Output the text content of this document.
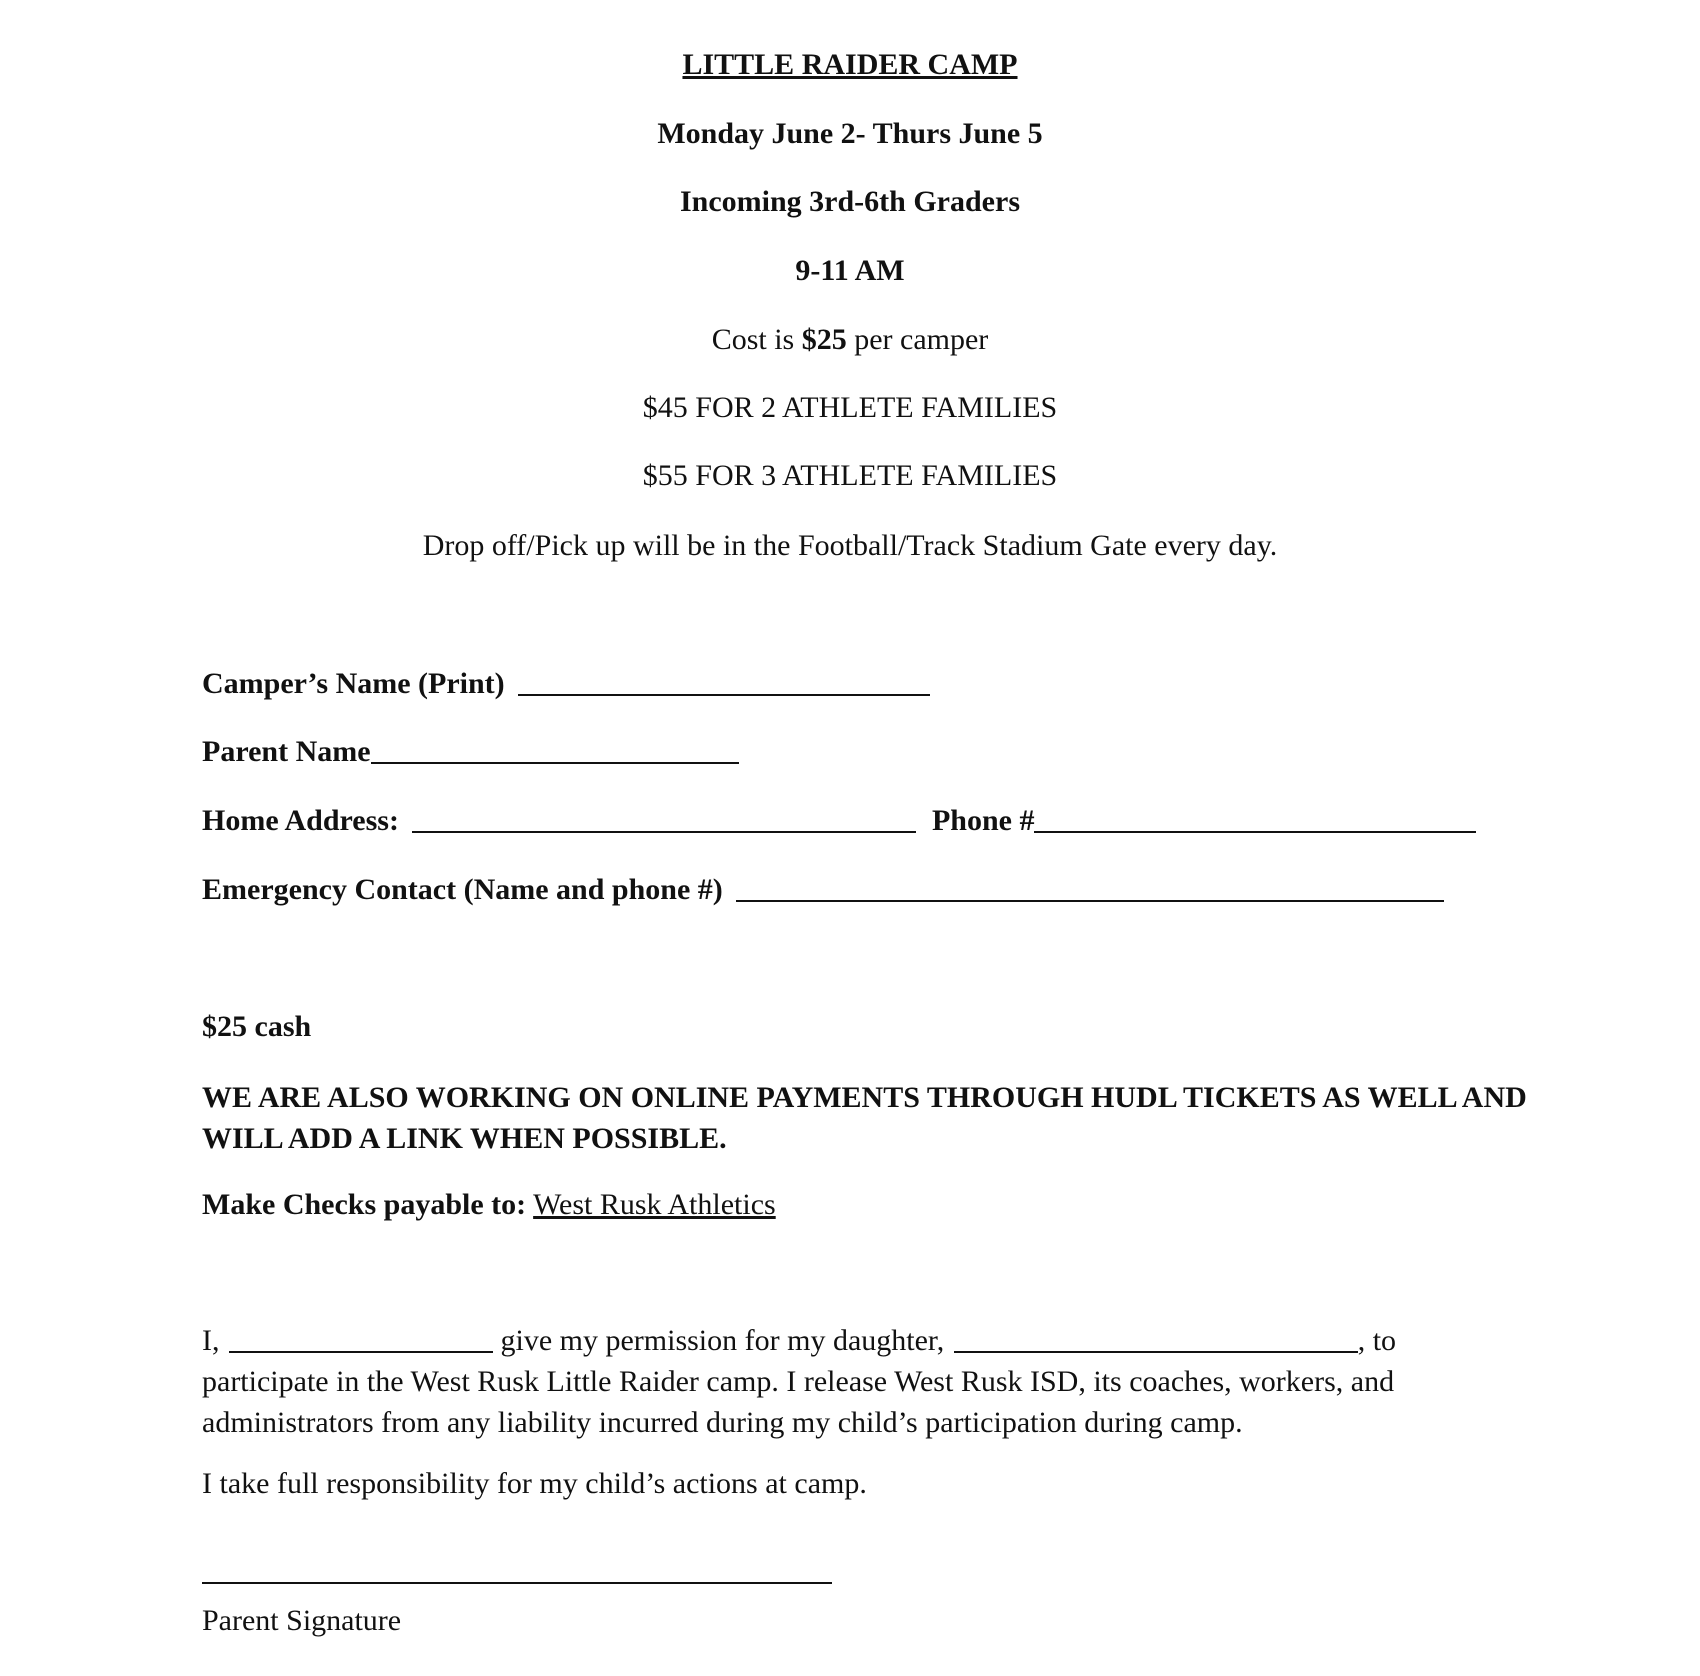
LITTLE RAIDER CAMP
Monday June 2- Thurs June 5
Incoming 3rd-6th Graders
9-11 AM
Cost is $25 per camper
$45 FOR 2 ATHLETE FAMILIES
$55 FOR 3 ATHLETE FAMILIES
Drop off/Pick up will be in the Football/Track Stadium Gate every day.
Camper’s Name (Print)
Parent Name
Home Address:	Phone #
Emergency Contact (Name and phone #)
$25 cash
WE ARE ALSO WORKING ON ONLINE PAYMENTS THROUGH HUDL TICKETS AS WELL AND WILL ADD A LINK WHEN POSSIBLE.
Make Checks payable to: West Rusk Athletics
I,	give my permission for my daughter,	, to
participate in the West Rusk Little Raider camp. I release West Rusk ISD, its coaches, workers, and administrators from any liability incurred during my child’s participation during camp.
I take full responsibility for my child’s actions at camp.
Parent Signature
